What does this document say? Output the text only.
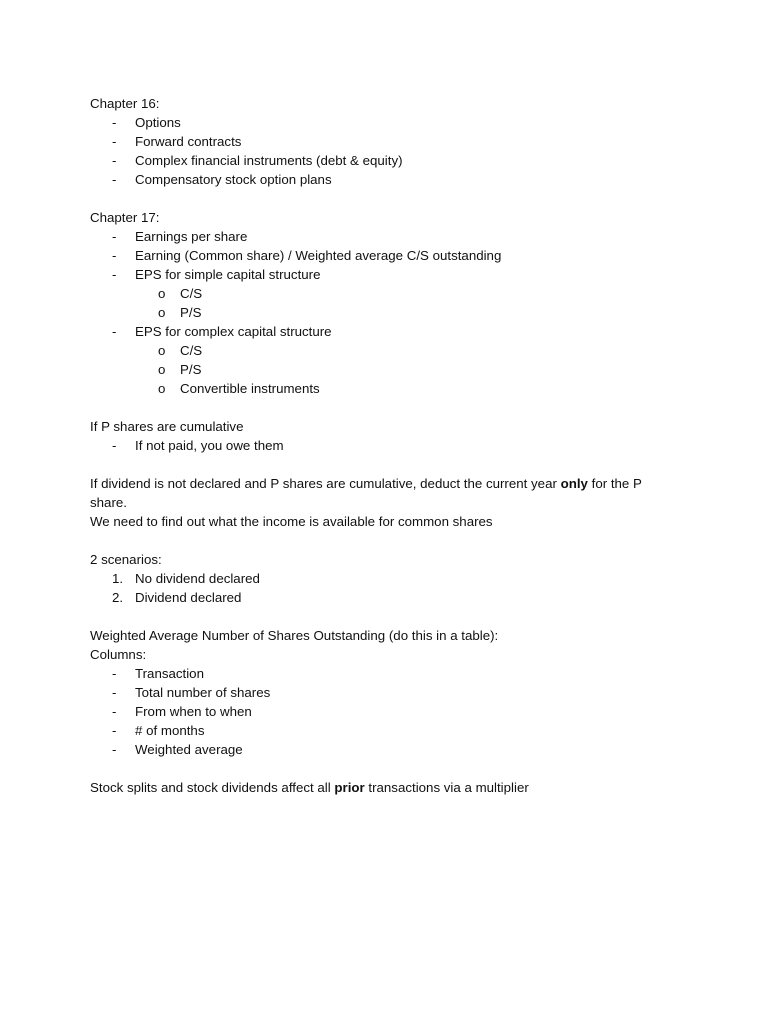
Chapter 16:
- Options
- Forward contracts
- Complex financial instruments (debt & equity)
- Compensatory stock option plans
Chapter 17:
- Earnings per share
- Earning (Common share) / Weighted average C/S outstanding
- EPS for simple capital structure
o C/S
o P/S
- EPS for complex capital structure
o C/S
o P/S
o Convertible instruments
If P shares are cumulative
- If not paid, you owe them
If dividend is not declared and P shares are cumulative, deduct the current year only for the P share.
We need to find out what the income is available for common shares
2 scenarios:
1. No dividend declared
2. Dividend declared
Weighted Average Number of Shares Outstanding (do this in a table):
Columns:
- Transaction
- Total number of shares
- From when to when
- # of months
- Weighted average
Stock splits and stock dividends affect all prior transactions via a multiplier
